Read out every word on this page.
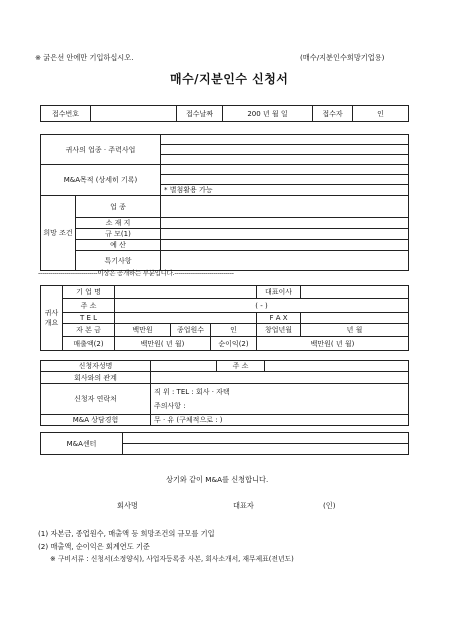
※ 굵은선 안에만 기입하십시오.	(매수/지분인수희망기업용)
매수/지분인수 신청서
접수번호		접수날짜	200 년 월 일	접수자	인
귀사의 업종 · 주력사업		

M&A목적 (상세히 기록)		

		* 별첨활용 가능
희망 조건	업 종	
	소 재 지	
	규 모(1)	
	예 산	
	특기사항	
-----------------------------이상은 공개하는 부분입니다.-----------------------------
귀사 개요	기 업 명				대표이사	
	주 소	( - )				
	T E L				F A X	
	자 본 금	백만원	종업원수	인	창업년월	년 월
	매출액(2)	백만원( 년 월)		순이익(2)	백만원( 년 월)	
신청자성명		주 소	
회사와의 관계			
신청자 연락처	직 위 : TEL : 회사 · 자택
주의사항 :		

M&A 상담경험	무 · 유 (구체적으로 : )		
M&A센터	

상기와 같이 M&A를 신청합니다.
회사명	대표자	(인)
(1) 자본금, 종업원수, 매출액 등 희망조건의 규모를 기입
(2) 매출액, 순이익은 회계연도 기준
※ 구비서류 : 신청서(소정양식), 사업자등록증 사본, 회사소개서, 재무제표(전년도)
